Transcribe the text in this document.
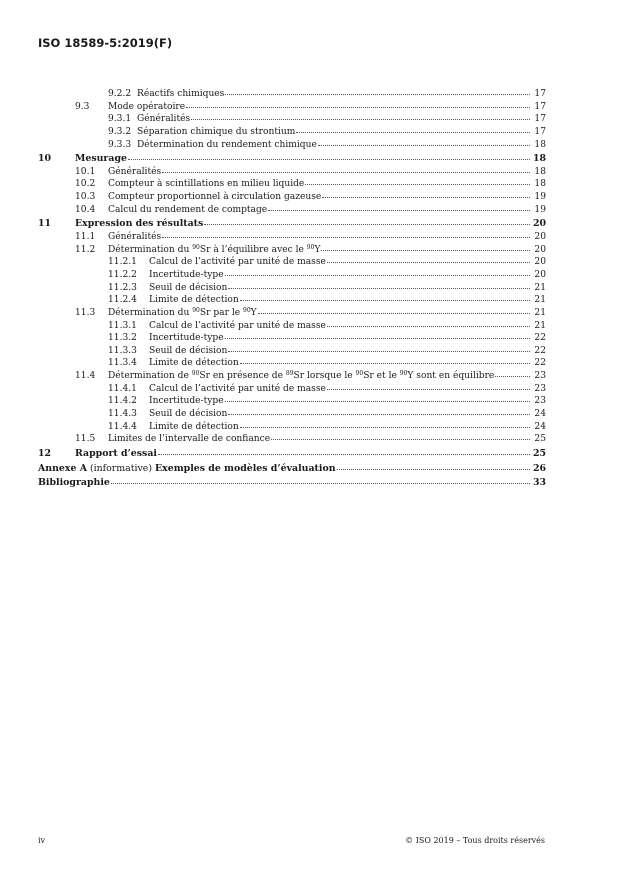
ISO 18589-5:2019(F)
9.2.2 Réactifs chimiques	17
9.3	Mode opératoire	17
9.3.1 Généralités	17
9.3.2 Séparation chimique du strontium	17
9.3.3 Détermination du rendement chimique	18
10	Mesurage	18
10.1	Généralités	18
10.2	Compteur à scintillations en milieu liquide	18
10.3	Compteur proportionnel à circulation gazeuse	19
10.4	Calcul du rendement de comptage	19
11	Expression des résultats	20
11.1	Généralités	20
11.2	Détermination du $^{90}$Sr à l’équilibre avec le $^{90}$Y	20
11.2.1	Calcul de l’activité par unité de masse	20
11.2.2	Incertitude-type	20
11.2.3	Seuil de décision	21
11.2.4	Limite de détection	21
11.3	Détermination du $^{90}$Sr par le $^{90}$Y	21
11.3.1	Calcul de l’activité par unité de masse	21
11.3.2	Incertitude-type	22
11.3.3	Seuil de décision	22
11.3.4	Limite de détection	22
11.4	Détermination de $^{90}$Sr en présence de $^{89}$Sr lorsque le $^{90}$Sr et le $^{90}$Y sont en équilibre	23
11.4.1	Calcul de l’activité par unité de masse	23
11.4.2	Incertitude-type	23
11.4.3	Seuil de décision	24
11.4.4	Limite de détection	24
11.5	Limites de l’intervalle de confiance	25
12	Rapport d’essai	25
Annexe A (informative) Exemples de modèles d’évaluation	26
Bibliographie	33
iv	© ISO 2019 – Tous droits réservés
